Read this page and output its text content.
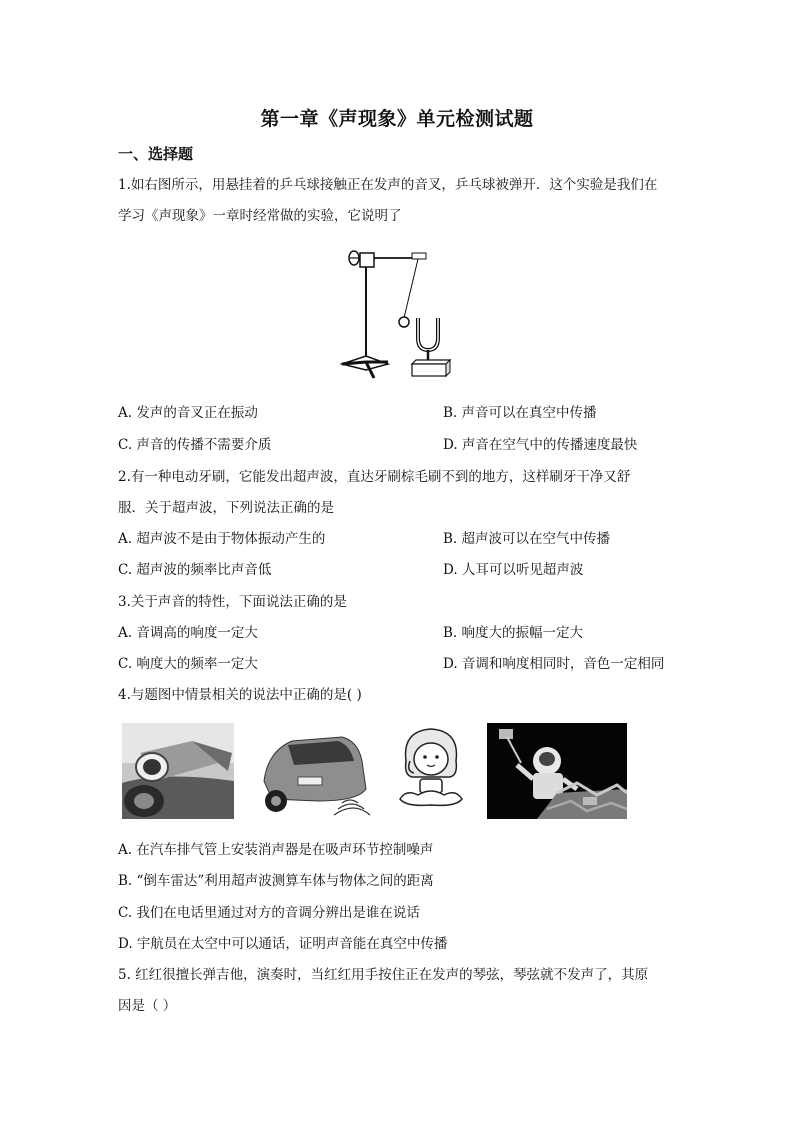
第一章《声现象》单元检测试题
一、选择题
1.如右图所示，用悬挂着的乒乓球接触正在发声的音叉，乒乓球被弹开．这个实验是我们在
学习《声现象》一章时经常做的实验，它说明了
A. 发声的音叉正在振动	B. 声音可以在真空中传播
C. 声音的传播不需要介质	D. 声音在空气中的传播速度最快
2.有一种电动牙刷，它能发出超声波，直达牙刷棕毛刷不到的地方，这样刷牙干净又舒
服．关于超声波，下列说法正确的是
A. 超声波不是由于物体振动产生的	B. 超声波可以在空气中传播
C. 超声波的频率比声音低	D. 人耳可以听见超声波
3.关于声音的特性，下面说法正确的是
A. 音调高的响度一定大	B. 响度大的振幅一定大
C. 响度大的频率一定大	D. 音调和响度相同时，音色一定相同
4.与题图中情景相关的说法中正确的是( )
A. 在汽车排气管上安装消声器是在吸声环节控制噪声
B. “倒车雷达”利用超声波测算车体与物体之间的距离
C. 我们在电话里通过对方的音调分辨出是谁在说话
D. 宇航员在太空中可以通话，证明声音能在真空中传播
5. 红红很擅长弹吉他，演奏时，当红红用手按住正在发声的琴弦，琴弦就不发声了，其原
因是（ ）
